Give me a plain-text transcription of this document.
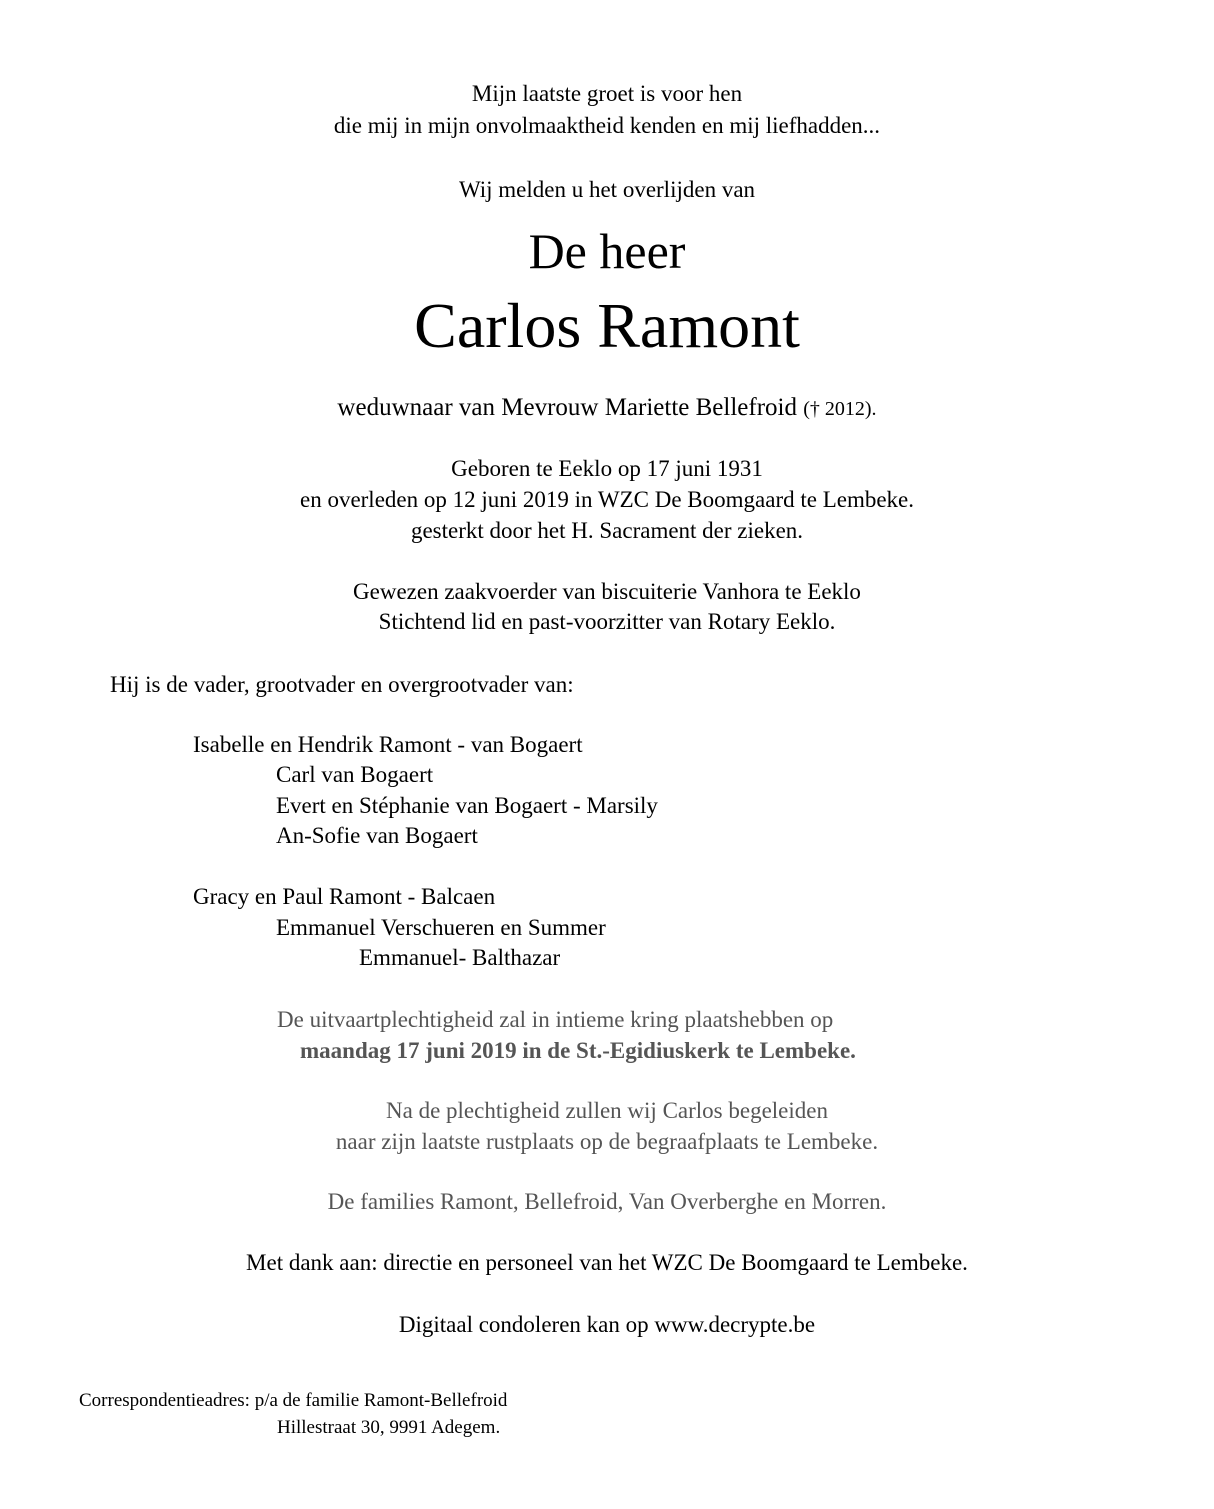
Mijn laatste groet is voor hen
die mij in mijn onvolmaaktheid kenden en mij liefhadden...
Wij melden u het overlijden van
De heer
Carlos Ramont
weduwnaar van Mevrouw Mariette Bellefroid († 2012).
Geboren te Eeklo op 17 juni 1931
en overleden op 12 juni 2019 in WZC De Boomgaard te Lembeke.
gesterkt door het H. Sacrament der zieken.
Gewezen zaakvoerder van biscuiterie Vanhora te Eeklo
Stichtend lid en past-voorzitter van Rotary Eeklo.
Hij is de vader, grootvader en overgrootvader van:
Isabelle en Hendrik Ramont - van Bogaert
Carl van Bogaert
Evert en Stéphanie van Bogaert - Marsily
An-Sofie van Bogaert
Gracy en Paul Ramont - Balcaen
Emmanuel Verschueren en Summer
Emmanuel- Balthazar
De uitvaartplechtigheid zal in intieme kring plaatshebben op
maandag 17 juni 2019 in de St.-Egidiuskerk te Lembeke.
Na de plechtigheid zullen wij Carlos begeleiden
naar zijn laatste rustplaats op de begraafplaats te Lembeke.
De families Ramont, Bellefroid, Van Overberghe en Morren.
Met dank aan: directie en personeel van het WZC De Boomgaard te Lembeke.
Digitaal condoleren kan op www.decrypte.be
Correspondentieadres: p/a de familie Ramont-Bellefroid
Hillestraat 30, 9991 Adegem.
